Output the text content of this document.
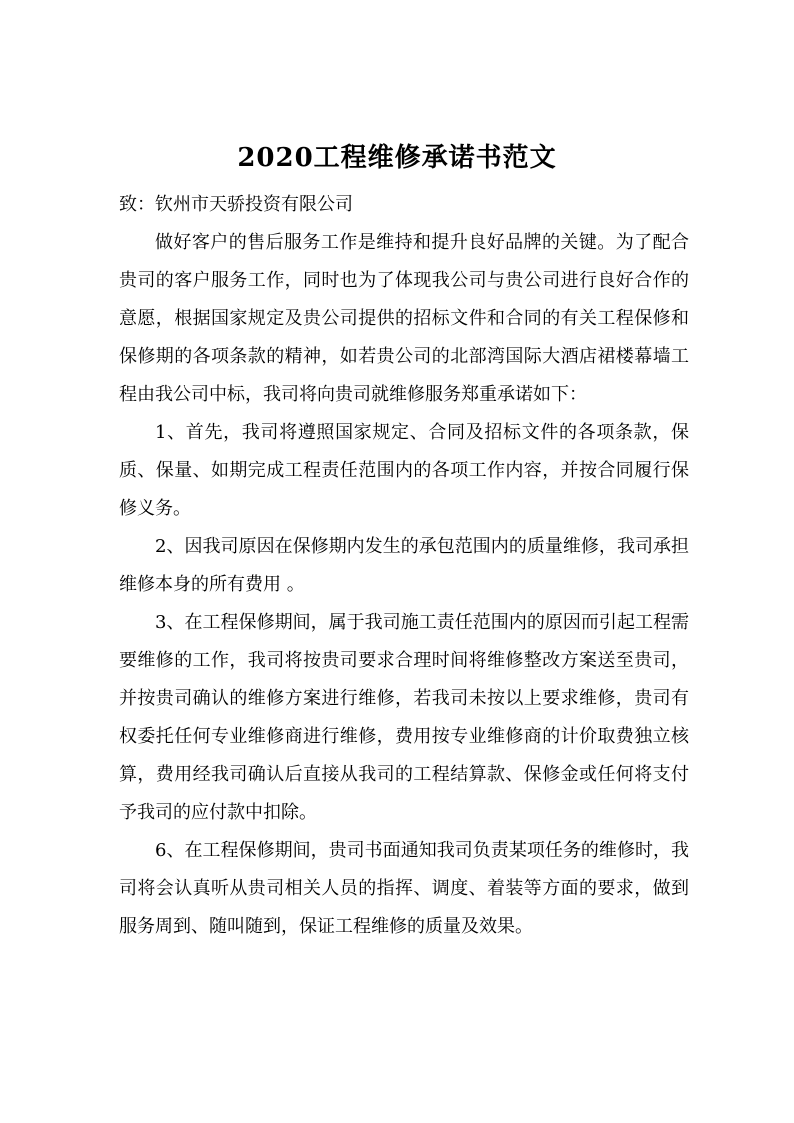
2020工程维修承诺书范文

致：钦州市天骄投资有限公司

做好客户的售后服务工作是维持和提升良好品牌的关键。为了配合贵司的客户服务工作，同时也为了体现我公司与贵公司进行良好合作的意愿，根据国家规定及贵公司提供的招标文件和合同的有关工程保修和保修期的各项条款的精神，如若贵公司的北部湾国际大酒店裙楼幕墙工程由我公司中标，我司将向贵司就维修服务郑重承诺如下：

1、首先，我司将遵照国家规定、合同及招标文件的各项条款，保质、保量、如期完成工程责任范围内的各项工作内容，并按合同履行保修义务。

2、因我司原因在保修期内发生的承包范围内的质量维修，我司承担维修本身的所有费用 。

3、在工程保修期间，属于我司施工责任范围内的原因而引起工程需要维修的工作，我司将按贵司要求合理时间将维修整改方案送至贵司，并按贵司确认的维修方案进行维修，若我司未按以上要求维修，贵司有权委托任何专业维修商进行维修，费用按专业维修商的计价取费独立核算，费用经我司确认后直接从我司的工程结算款、保修金或任何将支付予我司的应付款中扣除。

6、在工程保修期间，贵司书面通知我司负责某项任务的维修时，我司将会认真听从贵司相关人员的指挥、调度、着装等方面的要求，做到服务周到、随叫随到，保证工程维修的质量及效果。
